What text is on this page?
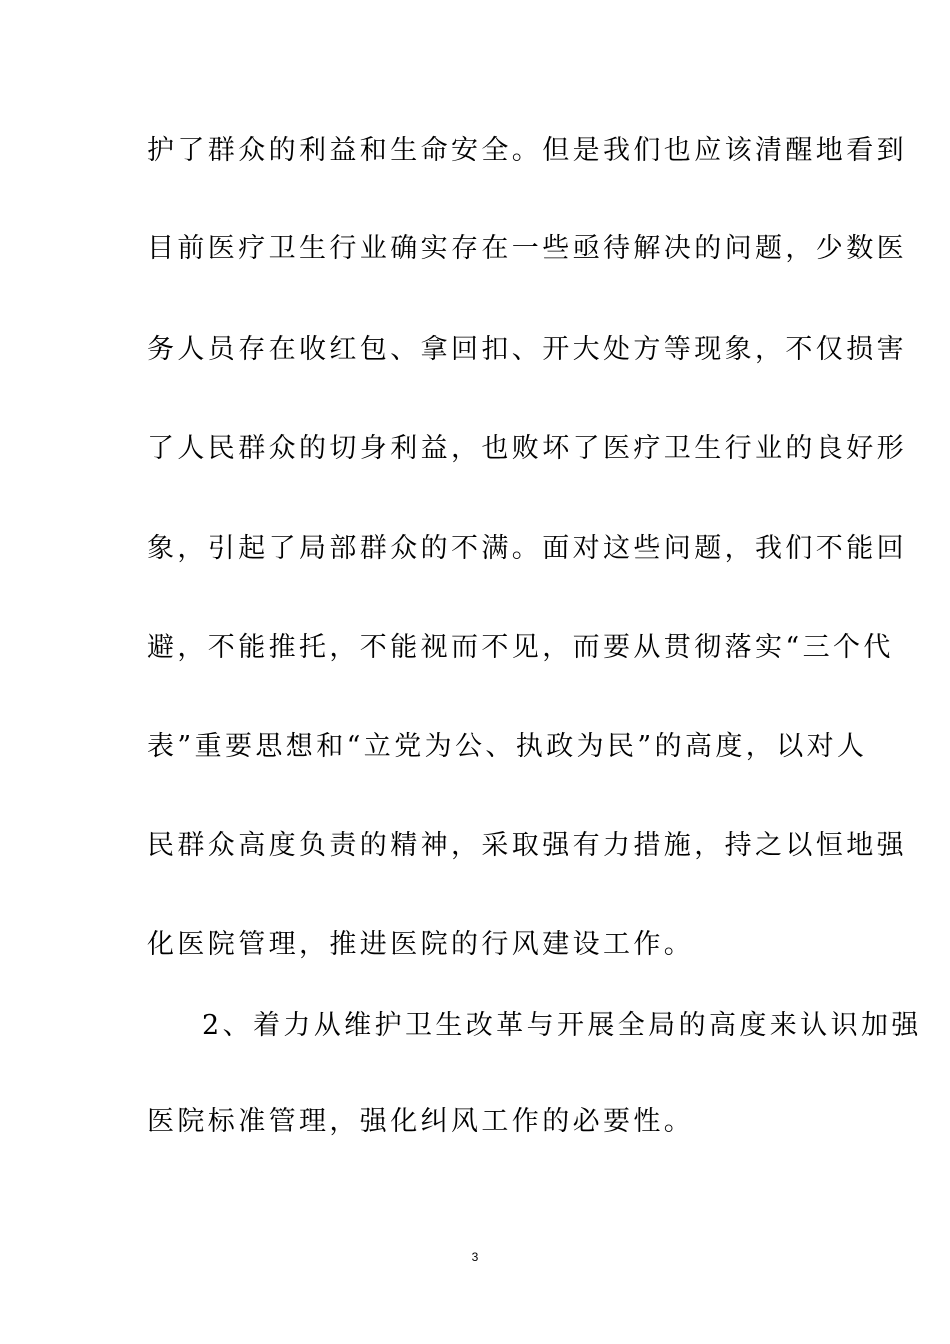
护了群众的利益和生命安全。但是我们也应该清醒地看到
目前医疗卫生行业确实存在一些亟待解决的问题，少数医
务人员存在收红包、拿回扣、开大处方等现象，不仅损害
了人民群众的切身利益，也败坏了医疗卫生行业的良好形
象，引起了局部群众的不满。面对这些问题，我们不能回
避，不能推托，不能视而不见，而要从贯彻落实“三个代
表”重要思想和“立党为公、执政为民”的高度，以对人
民群众高度负责的精神，采取强有力措施，持之以恒地强
化医院管理，推进医院的行风建设工作。
2、着力从维护卫生改革与开展全局的高度来认识加强
医院标准管理，强化纠风工作的必要性。
3
